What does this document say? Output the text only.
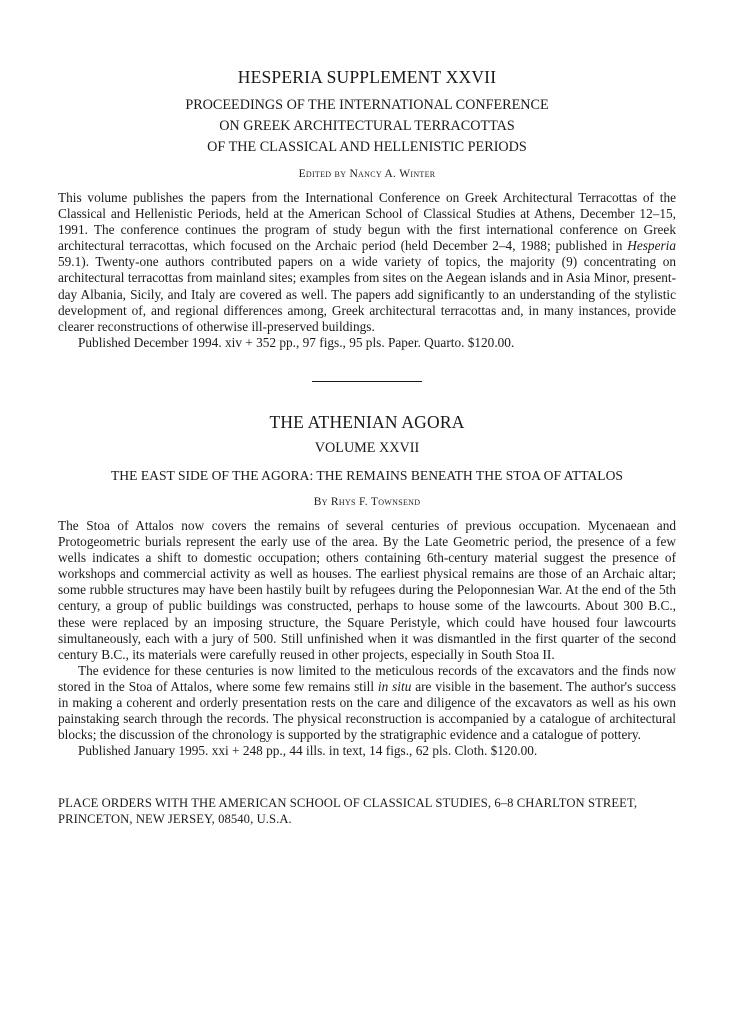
HESPERIA SUPPLEMENT XXVII

PROCEEDINGS OF THE INTERNATIONAL CONFERENCE

ON GREEK ARCHITECTURAL TERRACOTTAS

OF THE CLASSICAL AND HELLENISTIC PERIODS

Edited by Nancy A. Winter

This volume publishes the papers from the International Conference on Greek Architectural Terracottas of the Classical and Hellenistic Periods, held at the American School of Classical Studies at Athens, December 12–15, 1991. The conference continues the program of study begun with the first international conference on Greek architectural terracottas, which focused on the Archaic period (held December 2–4, 1988; published in Hesperia 59.1). Twenty-one authors contributed papers on a wide variety of topics, the majority (9) concentrating on architectural terracottas from mainland sites; examples from sites on the Aegean islands and in Asia Minor, present-day Albania, Sicily, and Italy are covered as well. The papers add significantly to an understanding of the stylistic development of, and regional differences among, Greek architectural terracottas and, in many instances, provide clearer reconstructions of otherwise ill-preserved buildings.

Published December 1994. xiv + 352 pp., 97 figs., 95 pls. Paper. Quarto. $120.00.

THE ATHENIAN AGORA

VOLUME XXVII

THE EAST SIDE OF THE AGORA: THE REMAINS BENEATH THE STOA OF ATTALOS

By Rhys F. Townsend

The Stoa of Attalos now covers the remains of several centuries of previous occupation. Mycenaean and Protogeometric burials represent the early use of the area. By the Late Geometric period, the presence of a few wells indicates a shift to domestic occupation; others containing 6th-century material suggest the presence of workshops and commercial activity as well as houses. The earliest physical remains are those of an Archaic altar; some rubble structures may have been hastily built by refugees during the Peloponnesian War. At the end of the 5th century, a group of public buildings was constructed, perhaps to house some of the lawcourts. About 300 B.C., these were replaced by an imposing structure, the Square Peristyle, which could have housed four lawcourts simultaneously, each with a jury of 500. Still unfinished when it was dismantled in the first quarter of the second century B.C., its materials were carefully reused in other projects, especially in South Stoa II.

The evidence for these centuries is now limited to the meticulous records of the excavators and the finds now stored in the Stoa of Attalos, where some few remains still in situ are visible in the basement. The author's success in making a coherent and orderly presentation rests on the care and diligence of the excavators as well as his own painstaking search through the records. The physical reconstruction is accompanied by a catalogue of architectural blocks; the discussion of the chronology is supported by the stratigraphic evidence and a catalogue of pottery.

Published January 1995. xxi + 248 pp., 44 ills. in text, 14 figs., 62 pls. Cloth. $120.00.

PLACE ORDERS WITH THE AMERICAN SCHOOL OF CLASSICAL STUDIES, 6–8 CHARLTON STREET,

PRINCETON, NEW JERSEY, 08540, U.S.A.
